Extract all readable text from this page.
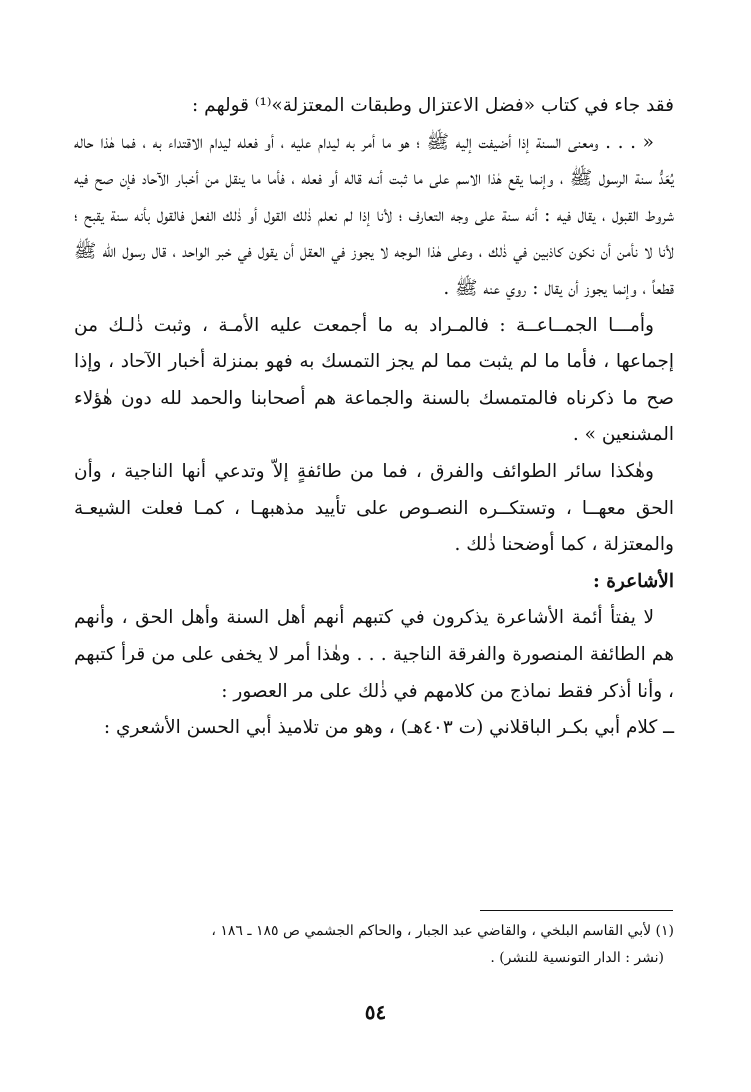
فقد جاء في كتاب «فضل الاعتزال وطبقات المعتزلة»⁽¹⁾ قولهم :

« . . . ومعنى السنة إذا أضيفت إليه ﷺ ؛ هو ما أمر به ليدام عليه ، أو فعله ليدام الاقتداء به ، فما هٰذا حاله يُعَدُّ سنة الرسول ﷺ ، وإنما يقع هٰذا الاسم على ما ثبت أنـه قاله أو فعله ، فأما ما ينقل من أخبار الآحاد فإن صح فيه شروط القبول ، يقال فيه : أنه سنة على وجه التعارف ؛ لأنا إذا لم نعلم ذٰلك القول أو ذٰلك الفعل فالقول بأنه سنة يقبح ؛ لأنا لا نأمن أن نكون كاذبين في ذٰلك ، وعلى هٰذا الـوجه لا يجوز في العقل أن يقول في خبر الواحد ، قال رسول الله ﷺ قطعاً ، وإنما يجوز أن يقال : روي عنه ﷺ .

وأمـــا الجمــاعــة : فالمـراد به ما أجمعت عليه الأمـة ، وثبت ذٰلـك من إجماعها ، فأما ما لم يثبت مما لم يجز التمسك به فهو بمنزلة أخبار الآحاد ، وإذا صح ما ذكرناه فالمتمسك بالسنة والجماعة هم أصحابنا والحمد لله دون هٰؤلاء المشنعين » .

وهٰكذا سائر الطوائف والفرق ، فما من طائفةٍ إلاّ وتدعي أنها الناجية ، وأن الحق معهــا ، وتستكــره النصـوص على تأييد مذهبهـا ، كمـا فعلت الشيعـة والمعتزلة ، كما أوضحنا ذٰلك .

الأشاعرة :

لا يفتأ أئمة الأشاعرة يذكرون في كتبهم أنهم أهل السنة وأهل الحق ، وأنهم هم الطائفة المنصورة والفرقة الناجية . . . وهٰذا أمر لا يخفى على من قرأ كتبهم ، وأنا أذكر فقط نماذج من كلامهم في ذٰلك على مر العصور :

ــ كلام أبي بكـر الباقلاني (ت ٤٠٣هـ) ، وهو من تلاميذ أبي الحسن الأشعري :

(١) لأبي القاسم البلخي ، والقاضي عبد الجبار ، والحاكم الجشمي ص ١٨٥ ـ ١٨٦ ،

(نشر : الدار التونسية للنشر) .

٥٤
